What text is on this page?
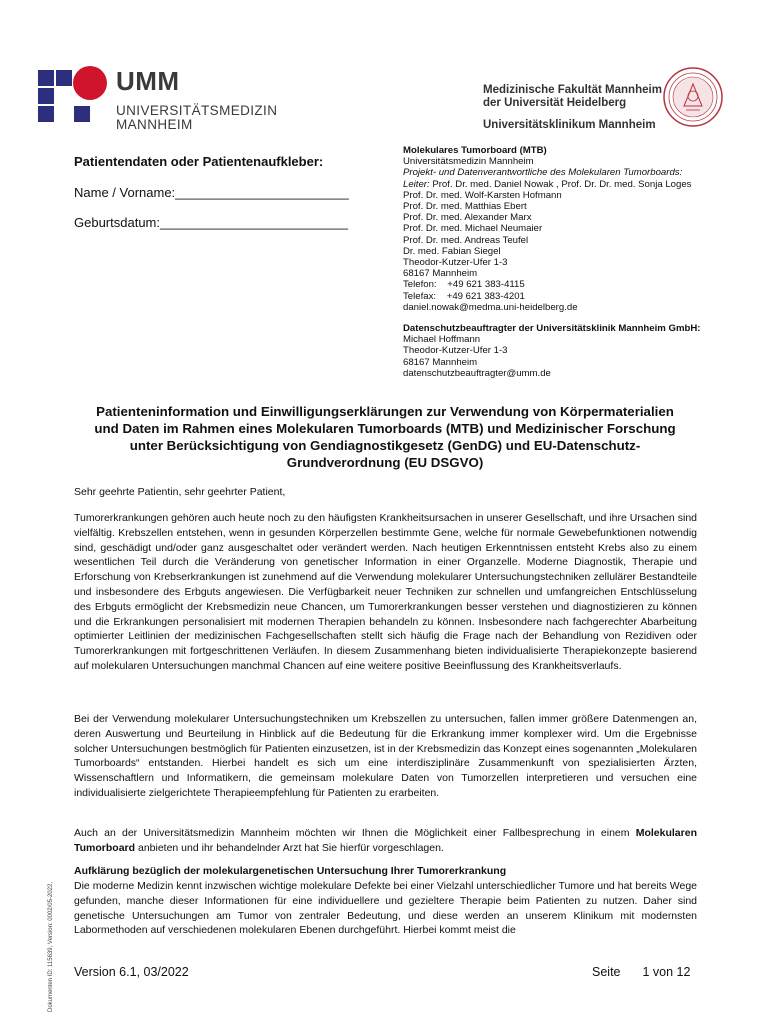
UMM
UNIVERSITÄTSMEDIZIN
MANNHEIM
Medizinische Fakultät Mannheim
der Universität Heidelberg
Universitätsklinikum Mannheim
Patientendaten oder Patientenaufkleber:
Name / Vorname:________________________
Geburtsdatum:__________________________
Molekulares Tumorboard (MTB)
Universitätsmedizin Mannheim
Projekt- und Datenverantwortliche des Molekularen Tumorboards:
Leiter: Prof. Dr. med. Daniel Nowak , Prof. Dr. Dr. med. Sonja Loges
Prof. Dr. med. Wolf-Karsten Hofmann
Prof. Dr. med. Matthias Ebert
Prof. Dr. med. Alexander Marx
Prof. Dr. med. Michael Neumaier
Prof. Dr. med. Andreas Teufel
Dr. med. Fabian Siegel
Theodor-Kutzer-Ufer 1-3
68167 Mannheim
Telefon:    +49 621 383-4115
Telefax:    +49 621 383-4201
daniel.nowak@medma.uni-heidelberg.de
Datenschutzbeauftragter der Universitätsklinik Mannheim GmbH:
Michael Hoffmann
Theodor-Kutzer-Ufer 1-3
68167 Mannheim
datenschutzbeauftragter@umm.de
Patienteninformation und Einwilligungserklärungen zur Verwendung von Körpermaterialien
und Daten im Rahmen eines Molekularen Tumorboards (MTB) und Medizinischer Forschung
unter Berücksichtigung von Gendiagnostikgesetz (GenDG) und EU-Datenschutz-
Grundverordnung (EU DSGVO)
Sehr geehrte Patientin, sehr geehrter Patient,
Tumorerkrankungen gehören auch heute noch zu den häufigsten Krankheitsursachen in unserer Gesellschaft, und ihre Ursachen sind vielfältig. Krebszellen entstehen, wenn in gesunden Körperzellen bestimmte Gene, welche für normale Gewebefunktionen notwendig sind, geschädigt und/oder ganz ausgeschaltet oder verändert werden. Nach heutigen Erkenntnissen entsteht Krebs also zu einem wesentlichen Teil durch die Veränderung von genetischer Information in einer Organzelle. Moderne Diagnostik, Therapie und Erforschung von Krebserkrankungen ist zunehmend auf die Verwendung molekularer Untersuchungstechniken zellulärer Bestandteile und insbesondere des Erbguts angewiesen. Die Verfügbarkeit neuer Techniken zur schnellen und umfangreichen Entschlüsselung des Erbguts ermöglicht der Krebsmedizin neue Chancen, um Tumorerkrankungen besser verstehen und diagnostizieren zu können und die Erkrankungen personalisiert mit modernen Therapien behandeln zu können. Insbesondere nach fachgerechter Abarbeitung optimierter Leitlinien der medizinischen Fachgesellschaften stellt sich häufig die Frage nach der Behandlung von Rezidiven oder Tumorerkrankungen mit fortgeschrittenen Verläufen. In diesem Zusammenhang bieten individualisierte Therapiekonzepte basierend auf molekularen Untersuchungen manchmal Chancen auf eine weitere positive Beeinflussung des Krankheitsverlaufs.
Bei der Verwendung molekularer Untersuchungstechniken um Krebszellen zu untersuchen, fallen immer größere Datenmengen an, deren Auswertung und Beurteilung in Hinblick auf die Bedeutung für die Erkrankung immer komplexer wird. Um die Ergebnisse solcher Untersuchungen bestmöglich für Patienten einzusetzen, ist in der Krebsmedizin das Konzept eines sogenannten „Molekularen Tumorboards“ entstanden. Hierbei handelt es sich um eine interdisziplinäre Zusammenkunft von spezialisierten Ärzten, Wissenschaftlern und Informatikern, die gemeinsam molekulare Daten von Tumorzellen interpretieren und versuchen eine individualisierte zielgerichtete Therapieempfehlung für Patienten zu erarbeiten.
Auch an der Universitätsmedizin Mannheim möchten wir Ihnen die Möglichkeit einer Fallbesprechung in einem Molekularen Tumorboard anbieten und ihr behandelnder Arzt hat Sie hierfür vorgeschlagen.
Aufklärung bezüglich der molekulargenetischen Untersuchung Ihrer Tumorerkrankung
Die moderne Medizin kennt inzwischen wichtige molekulare Defekte bei einer Vielzahl unterschiedlicher Tumore und hat bereits Wege gefunden, manche dieser Informationen für eine individuellere und gezieltere Therapie beim Patienten zu nutzen. Daher sind genetische Untersuchungen am Tumor von zentraler Bedeutung, und diese werden an unserem Klinikum mit modernsten Labormethoden auf verschiedenen molekularen Ebenen durchgeführt. Hierbei kommt meist die
Version 6.1, 03/2022	Seite 1 von 12
Dokumenten ID: 115639, Version: 0002/05-2022,
